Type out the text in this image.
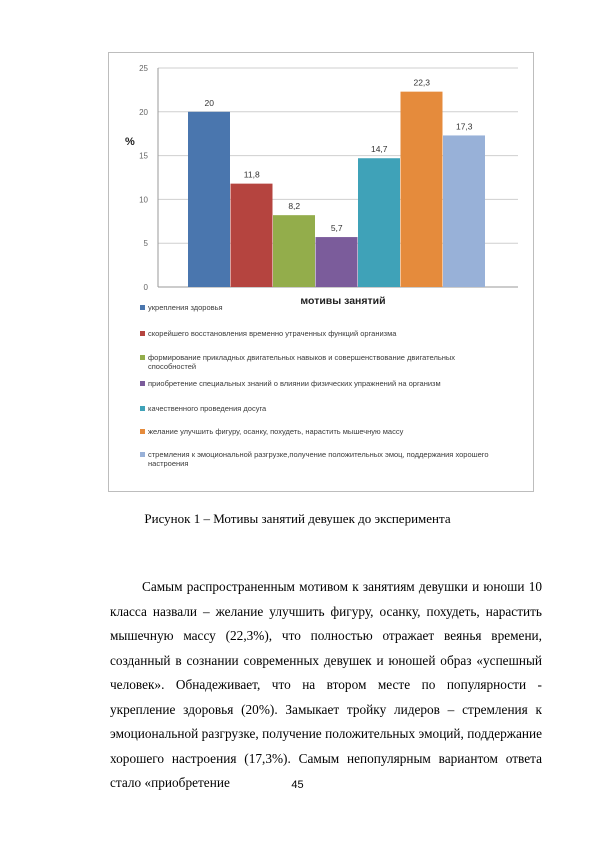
0
5
10
15
20
25
20
11,8
8,2
5,7
14,7
22,3
17,3
%
мотивы занятий
укрепления здоровья
скорейшего восстановления временно утраченных функций организма
формирование прикладных двигательных навыков и совершенствование двигательных способностей
приобретение специальных знаний о влиянии физических упражнений на организм
качественного проведения досуга
желание улучшить фигуру, осанку, похудеть, нарастить мышечную массу
стремления к эмоциональной разгрузке,получение положительных эмоц, поддержания хорошего настроения
Рисунок 1 – Мотивы занятий девушек до эксперимента
Самым распространенным мотивом к занятиям девушки и юноши 10 класса назвали – желание улучшить фигуру, осанку, похудеть, нарастить мышечную массу (22,3%), что полностью отражает веянья времени, созданный в сознании современных девушек и юношей образ «успешный человек». Обнадеживает, что на втором месте по популярности - укрепление здоровья (20%). Замыкает тройку лидеров – стремления к эмоциональной разгрузке, получение положительных эмоций, поддержание хорошего настроения (17,3%). Самым непопулярным вариантом ответа стало «приобретение	45
